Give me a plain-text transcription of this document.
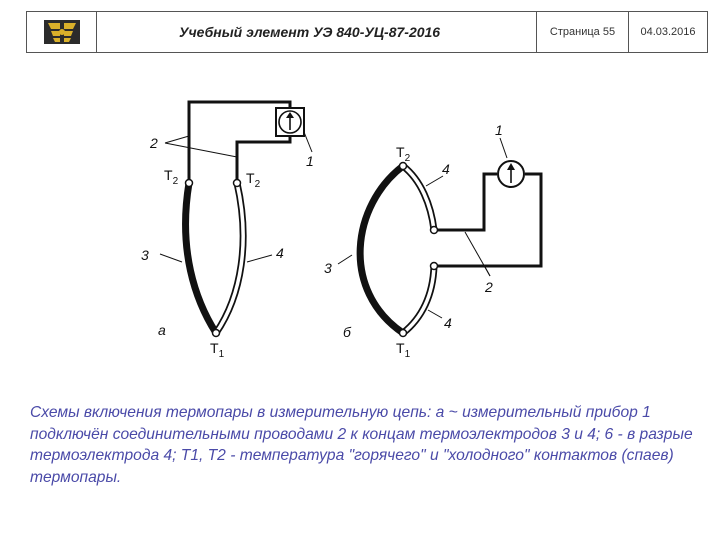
Учебный элемент УЭ 840-УЦ-87-2016	Страница 55 04.03.2016
2
1
$T_2$	$T_2$
3	4
а
$T_1$
1
$T_2$
4
3
4
2
б
$T_1$

Схемы включения термопары в измерительную цепь: а ~ измерительный прибор 1 подключён соединительными проводами 2 к концам термоэлектродов 3 и 4; 6 - в разрые термоэлектрода 4; Т1, Т2 - температура "горячего" и "холодного" контактов (спаев) термопары.
